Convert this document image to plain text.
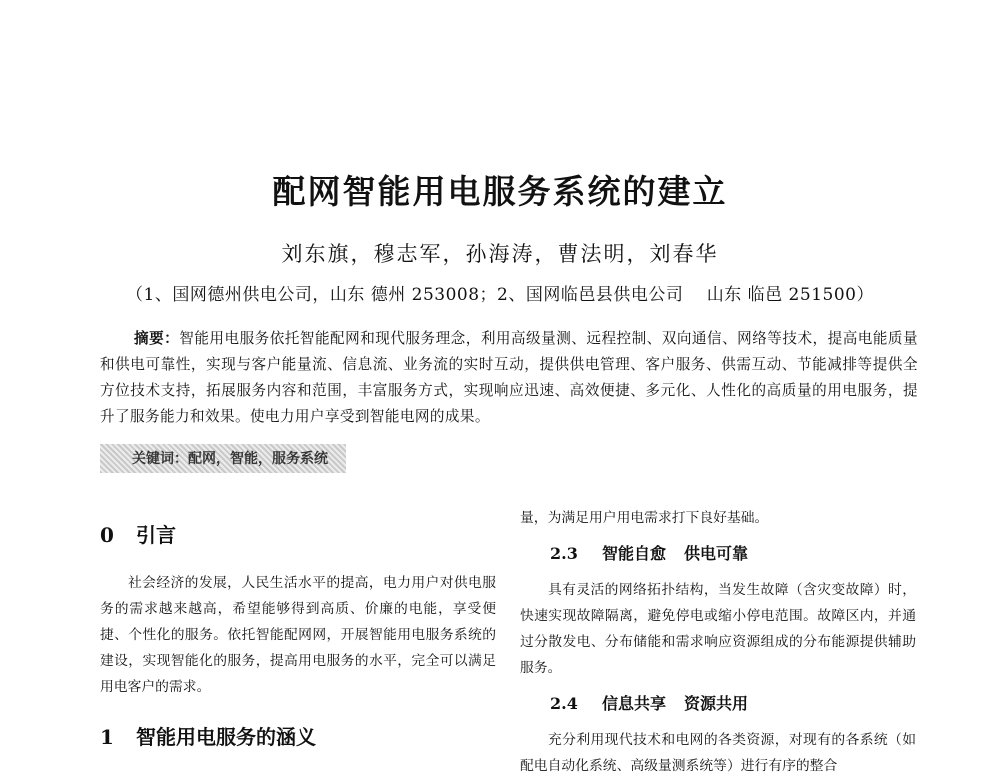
配网智能用电服务系统的建立
刘东旗，穆志军，孙海涛，曹法明，刘春华
（1、国网德州供电公司，山东 德州 253008；2、国网临邑县供电公司　 山东 临邑 251500）
摘要：智能用电服务依托智能配网和现代服务理念，利用高级量测、远程控制、双向通信、网络等技术，提高电能质量和供电可靠性，实现与客户能量流、信息流、业务流的实时互动，提供供电管理、客户服务、供需互动、节能减排等提供全方位技术支持，拓展服务内容和范围，丰富服务方式，实现响应迅速、高效便捷、多元化、人性化的高质量的用电服务，提升了服务能力和效果。使电力用户享受到智能电网的成果。
关键词：配网，智能，服务系统
0 引言

社会经济的发展，人民生活水平的提高，电力用户对供电服务的需求越来越高，希望能够得到高质、价廉的电能，享受便捷、个性化的服务。依托智能配网网，开展智能用电服务系统的建设，实现智能化的服务，提高用电服务的水平，完全可以满足用电客户的需求。

1 智能用电服务的涵义

量，为满足用户用电需求打下良好基础。

2.3 智能自愈 供电可靠

具有灵活的网络拓扑结构，当发生故障（含灾变故障）时，快速实现故障隔离，避免停电或缩小停电范围。故障区内，并通过分散发电、分布储能和需求响应资源组成的分布能源提供辅助服务。

2.4 信息共享 资源共用

充分利用现代技术和电网的各类资源，对现有的各系统（如配电自动化系统、高级量测系统等）进行有序的整合
